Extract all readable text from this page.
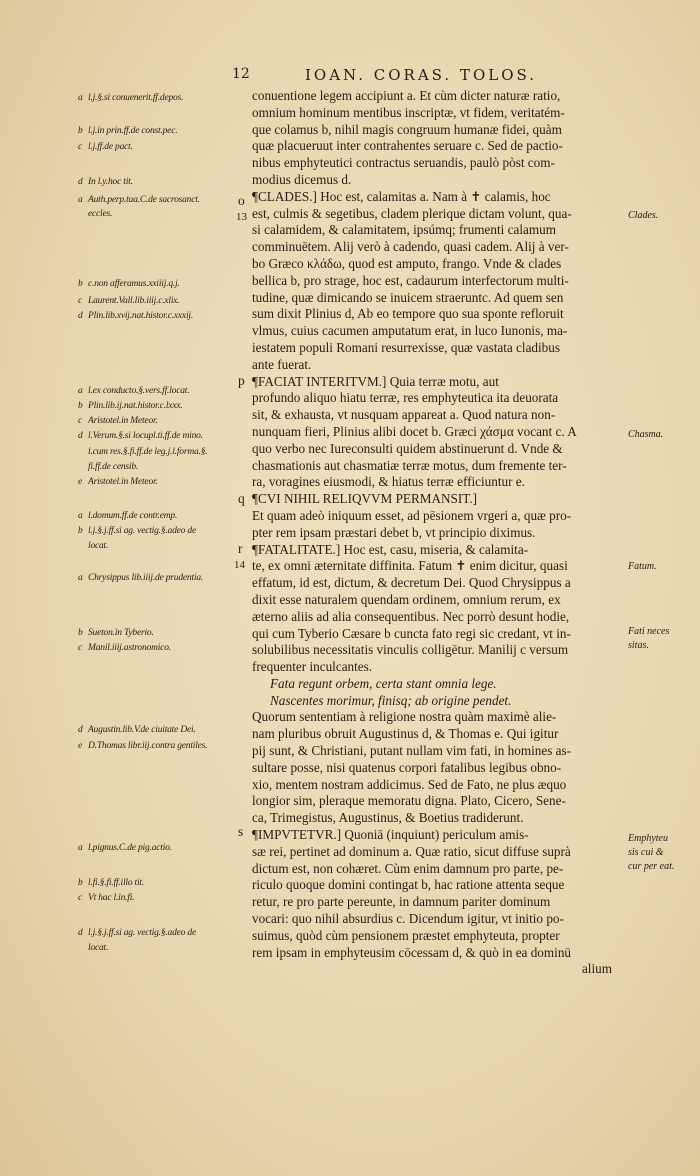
12	IOAN. CORAS. TOLOS.
a l.j.§.si conuenerit.ff.depos.
b l.j.in prin.ff.de const.pec.
c l.j.ff.de pact.
d In l.y.hoc tit.
a Auth.perp.tua.C.de sacrosanct.
eccles.
b c.non afferamus.xxiiij.q.j.
c Laurent.Vall.lib.iiij.c.xlix.
d Plin.lib.xvij.nat.histor.c.xxxij.
a l.ex conducto.§.vers.ff.locat.
b Plin.lib.ij.nat.histor.c.lxxx.
c Aristotel.in Meteor.
d l.Verum.§.si locupl.ti.ff.de mino.
l.cum res.§.fi.ff.de leg.j.l.forma.§.
fi.ff.de censib.
e Aristotel.in Meteor.
a l.domum.ff.de contr.emp.
b l.j.§.j.ff.si ag. vectig.§.adeo de
locat.
a Chrysippus lib.iiij.de prudentia.
b Sueton.in Tyberio.
c Manil.iiij.astronomico.
d Augustin.lib.V.de ciuitate Dei.
e D.Thomas libr.iij.contra gentiles.
a l.pignus.C.de pig.actio.
b l.fi.§.fi.ff.illo tit.
c Vt hac l.in.fi.
d l.j.§.j.ff.si ag. vectig.§.adeo de
locat.
Clades.
Chasma.
Fatum.
Fati neces sitas.
Emphyteu sis cui & cur per eat.
o
13
p
q
r
14
s
conuentione legem accipiunt a. Et cùm dicter naturæ ratio,
omnium hominum mentibus inscriptæ, vt fidem, veritatém-
que colamus b, nihil magis congruum humanæ fidei, quàm
quæ placueruut inter contrahentes seruare c. Sed de pactio-
nibus emphyteutici contractus seruandis, paulò pòst com-
modius dicemus d.
¶CLADES.] Hoc est, calamitas a. Nam à ✝ calamis, hoc
est, culmis & segetibus, cladem plerique dictam volunt, qua-
si calamidem, & calamitatem, ipsúmq; frumenti calamum
comminuētem. Alij verò à cadendo, quasi cadem. Alij à ver-
bo Græco κλάδω, quod est amputo, frango. Vnde & clades
bellica b, pro strage, hoc est, cadaurum interfectorum multi-
tudine, quæ dimicando se inuicem straeruntc. Ad quem sen
sum dixit Plinius d, Ab eo tempore quo sua sponte refloruit
vlmus, cuius cacumen amputatum erat, in luco Iunonis, ma-
iestatem populi Romani resurrexisse, quæ vastata cladibus
ante fuerat.
¶FACIAT INTERITVM.] Quia terræ motu, aut
profundo aliquo hiatu terræ, res emphyteutica ita deuorata
sit, & exhausta, vt nusquam appareat a. Quod natura non-
nunquam fieri, Plinius alibi docet b. Græci χάσμα vocant c. A
quo verbo nec Iureconsulti quidem abstinuerunt d. Vnde &
chasmationis aut chasmatiæ terræ motus, dum fremente ter-
ra, voragines eiusmodi, & hiatus terræ efficiuntur e.
¶CVI NIHIL RELIQVVM PERMANSIT.]
Et quam adeò iniquum esset, ad pēsionem vrgeri a, quæ pro-
pter rem ipsam præstari debet b, vt principio diximus.
¶FATALITATE.] Hoc est, casu, miseria, & calamita-
te, ex omni æternitate diffinita. Fatum ✝ enim dicitur, quasi
effatum, id est, dictum, & decretum Dei. Quod Chrysippus a
dixit esse naturalem quendam ordinem, omnium rerum, ex
æterno aliis ad alia consequentibus. Nec porrò desunt hodie,
qui cum Tyberio Cæsare b cuncta fato regi sic credant, vt in-
solubilibus necessitatis vinculis colligētur. Manilij c versum
frequenter inculcantes.
Fata regunt orbem, certa stant omnia lege.
Nascentes morimur, finisq; ab origine pendet.
Quorum sententiam à religione nostra quàm maximè alie-
nam pluribus obruit Augustinus d, & Thomas e. Qui igitur
pij sunt, & Christiani, putant nullam vim fati, in homines as-
sultare posse, nisi quatenus corpori fatalibus legibus obno-
xio, mentem nostram addicimus. Sed de Fato, ne plus æquo
longior sim, pleraque memoratu digna. Plato, Cicero, Sene-
ca, Trimegistus, Augustinus, & Boetius tradiderunt.
¶IMPVTETVR.] Quoniā (inquiunt) periculum amis-
sæ rei, pertinet ad dominum a. Quæ ratio, sicut diffuse suprà
dictum est, non cohæret. Cùm enim damnum pro parte, pe-
riculo quoque domini contingat b, hac ratione attenta seque
retur, re pro parte pereunte, in damnum pariter dominum
vocari: quo nihil absurdius c. Dicendum igitur, vt initio po-
suimus, quòd cùm pensionem præstet emphyteuta, propter
rem ipsam in emphyteusim cōcessam d, & quò in ea dominū
alium
